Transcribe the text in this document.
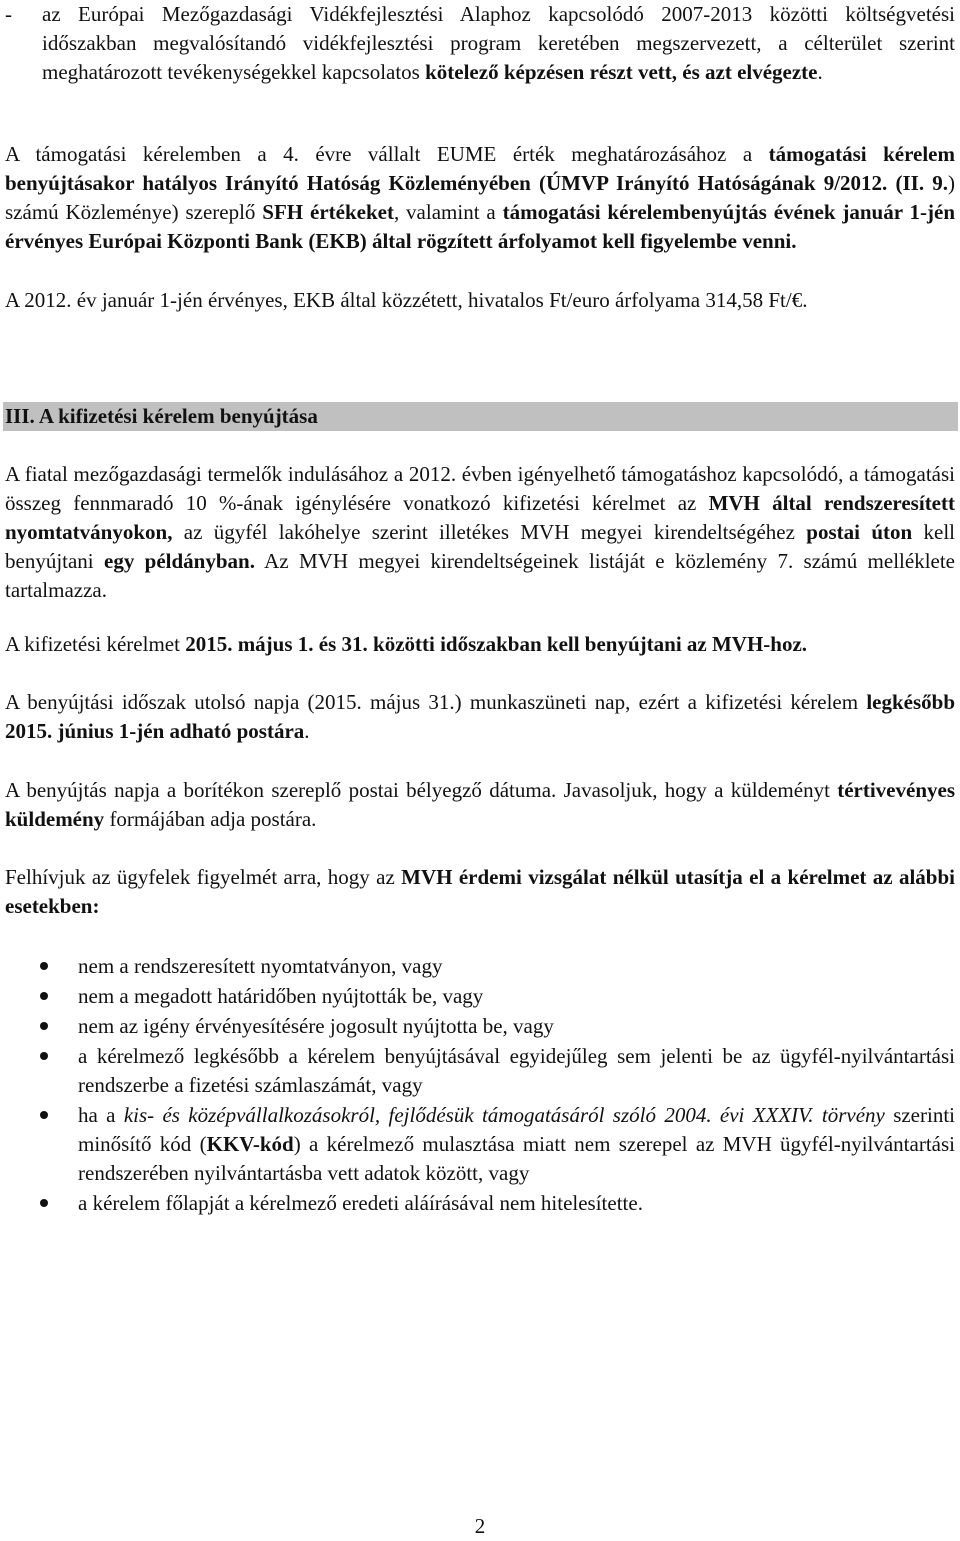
- az Európai Mezőgazdasági Vidékfejlesztési Alaphoz kapcsolódó 2007-2013 közötti költségvetési időszakban megvalósítandó vidékfejlesztési program keretében megszervezett, a célterület szerint meghatározott tevékenységekkel kapcsolatos kötelező képzésen részt vett, és azt elvégezte.

A támogatási kérelemben a 4. évre vállalt EUME érték meghatározásához a támogatási kérelem benyújtásakor hatályos Irányító Hatóság Közleményében (ÚMVP Irányító Hatóságának 9/2012. (II. 9.) számú Közleménye) szereplő SFH értékeket, valamint a támogatási kérelembenyújtás évének január 1-jén érvényes Európai Központi Bank (EKB) által rögzített árfolyamot kell figyelembe venni.

A 2012. év január 1-jén érvényes, EKB által közzétett, hivatalos Ft/euro árfolyama 314,58 Ft/€.

III. A kifizetési kérelem benyújtása

A fiatal mezőgazdasági termelők indulásához a 2012. évben igényelhető támogatáshoz kapcsolódó, a támogatási összeg fennmaradó 10 %-ának igénylésére vonatkozó kifizetési kérelmet az MVH által rendszeresített nyomtatványokon, az ügyfél lakóhelye szerint illetékes MVH megyei kirendeltségéhez postai úton kell benyújtani egy példányban. Az MVH megyei kirendeltségeinek listáját e közlemény 7. számú melléklete tartalmazza.

A kifizetési kérelmet 2015. május 1. és 31. közötti időszakban kell benyújtani az MVH-hoz.

A benyújtási időszak utolsó napja (2015. május 31.) munkaszüneti nap, ezért a kifizetési kérelem legkésőbb 2015. június 1-jén adható postára.

A benyújtás napja a borítékon szereplő postai bélyegző dátuma. Javasoljuk, hogy a küldeményt tértivevényes küldemény formájában adja postára.

Felhívjuk az ügyfelek figyelmét arra, hogy az MVH érdemi vizsgálat nélkül utasítja el a kérelmet az alábbi esetekben:

nem a rendszeresített nyomtatványon, vagy
nem a megadott határidőben nyújtották be, vagy
nem az igény érvényesítésére jogosult nyújtotta be, vagy
a kérelmező legkésőbb a kérelem benyújtásával egyidejűleg sem jelenti be az ügyfél-nyilvántartási rendszerbe a fizetési számlaszámát, vagy
ha a kis- és középvállalkozásokról, fejlődésük támogatásáról szóló 2004. évi XXXIV. törvény szerinti minősítő kód (KKV-kód) a kérelmező mulasztása miatt nem szerepel az MVH ügyfél-nyilvántartási rendszerében nyilvántartásba vett adatok között, vagy
a kérelem főlapját a kérelmező eredeti aláírásával nem hitelesítette.
2
